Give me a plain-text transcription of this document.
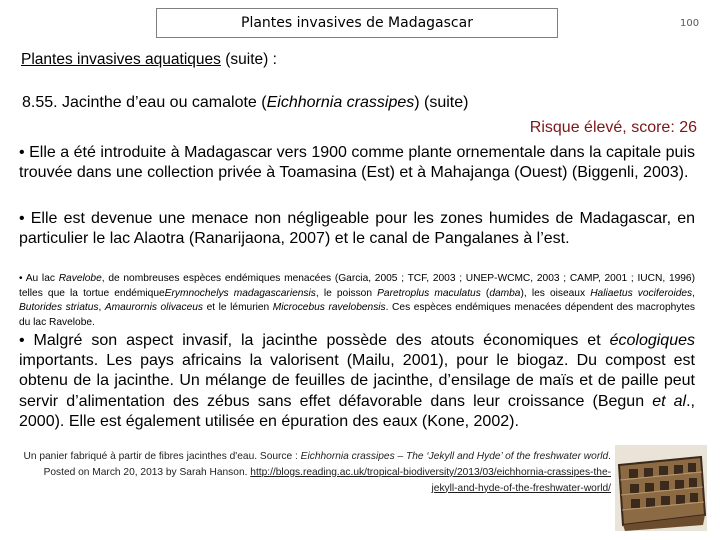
Plantes invasives de Madagascar	100
Plantes invasives aquatiques (suite) :
8.55. Jacinthe d’eau ou camalote (Eichhornia crassipes) (suite)
Risque élevé, score: 26

• Elle a été introduite à Madagascar vers 1900 comme plante ornementale dans la capitale puis trouvée dans une collection privée à Toamasina (Est) et à Mahajanga (Ouest) (Biggenli, 2003).

• Elle est devenue une menace non négligeable pour les zones humides de Madagascar, en particulier le lac Alaotra (Ranarijaona, 2007) et le canal de Pangalanes à l’est.

• Au lac Ravelobe, de nombreuses espèces endémiques menacées (Garcia, 2005 ; TCF, 2003 ; UNEP-WCMC, 2003 ; CAMP, 2001 ; IUCN, 1996) telles que la tortue endémiqueErymnochelys madagascariensis, le poisson Paretroplus maculatus (damba), les oiseaux Haliaetus vociferoides, Butorides striatus, Amaurornis olivaceus et le lémurien Microcebus ravelobensis. Ces espèces endémiques menacées dépendent des macrophytes du lac Ravelobe.

• Malgré son aspect invasif, la jacinthe possède des atouts économiques et écologiques importants. Les pays africains la valorisent (Mailu, 2001), pour le biogaz. Du compost est obtenu de la jacinthe. Un mélange de feuilles de jacinthe, d’ensilage de maïs et de paille peut servir d’alimentation des zébus sans effet défavorable dans leur croissance (Begun et al., 2000). Elle est également utilisée en épuration des eaux (Kone, 2002).

Un panier fabriqué à partir de fibres jacinthes d'eau. Source : Eichhornia crassipes – The ‘Jekyll and Hyde’ of the freshwater world. Posted on March 20, 2013 by Sarah Hanson. http://blogs.reading.ac.uk/tropical-biodiversity/2013/03/eichhornia-crassipes-the-jekyll-and-hyde-of-the-freshwater-world/
